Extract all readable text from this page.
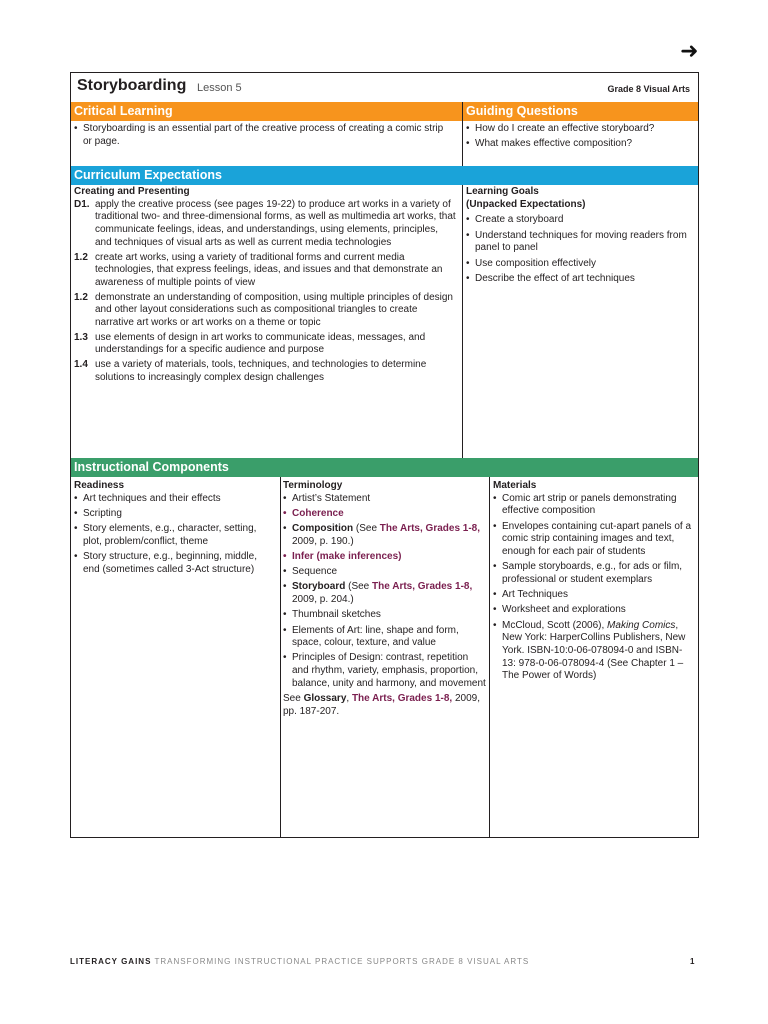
➜
Storyboarding Lesson 5	Grade 8 Visual Arts
Critical Learning	Guiding Questions
• Storyboarding is an essential part of the creative process of creating a comic strip or page.
• How do I create an effective storyboard?
• What makes effective composition?
Curriculum Expectations
Creating and Presenting
D1. apply the creative process (see pages 19-22) to produce art works in a variety of traditional two- and three-dimensional forms, as well as multimedia art works, that communicate feelings, ideas, and understandings, using elements, principles, and techniques of visual arts as well as current media technologies
1.2 create art works, using a variety of traditional forms and current media technologies, that express feelings, ideas, and issues and that demonstrate an awareness of multiple points of view
1.2 demonstrate an understanding of composition, using multiple principles of design and other layout considerations such as compositional triangles to create narrative art works or art works on a theme or topic
1.3 use elements of design in art works to communicate ideas, messages, and understandings for a specific audience and purpose
1.4 use a variety of materials, tools, techniques, and technologies to determine solutions to increasingly complex design challenges
Learning Goals
(Unpacked Expectations)
• Create a storyboard
• Understand techniques for moving readers from panel to panel
• Use composition effectively
• Describe the effect of art techniques
Instructional Components
Readiness
• Art techniques and their effects
• Scripting
• Story elements, e.g., character, setting, plot, problem/conflict, theme
• Story structure, e.g., beginning, middle, end (sometimes called 3-Act structure)
Terminology
• Artist’s Statement
• Coherence
• Composition (See The Arts, Grades 1-8, 2009, p. 190.)
• Infer (make inferences)
• Sequence
• Storyboard (See The Arts, Grades 1-8, 2009, p. 204.)
• Thumbnail sketches
• Elements of Art: line, shape and form, space, colour, texture, and value
• Principles of Design: contrast, repetition and rhythm, variety, emphasis, proportion, balance, unity and harmony, and movement
See Glossary, The Arts, Grades 1-8, 2009, pp. 187-207.
Materials
• Comic art strip or panels demonstrating effective composition
• Envelopes containing cut-apart panels of a comic strip containing images and text, enough for each pair of students
• Sample storyboards, e.g., for ads or film, professional or student exemplars
• Art Techniques
• Worksheet and explorations
• McCloud, Scott (2006), Making Comics, New York: HarperCollins Publishers, New York. ISBN-10:0-06-078094-0 and ISBN-13: 978-0-06-078094-4 (See Chapter 1 – The Power of Words)
LITERACY GAINS TRANSFORMING INSTRUCTIONAL PRACTICE SUPPORTS GRADE 8 VISUAL ARTS	1
